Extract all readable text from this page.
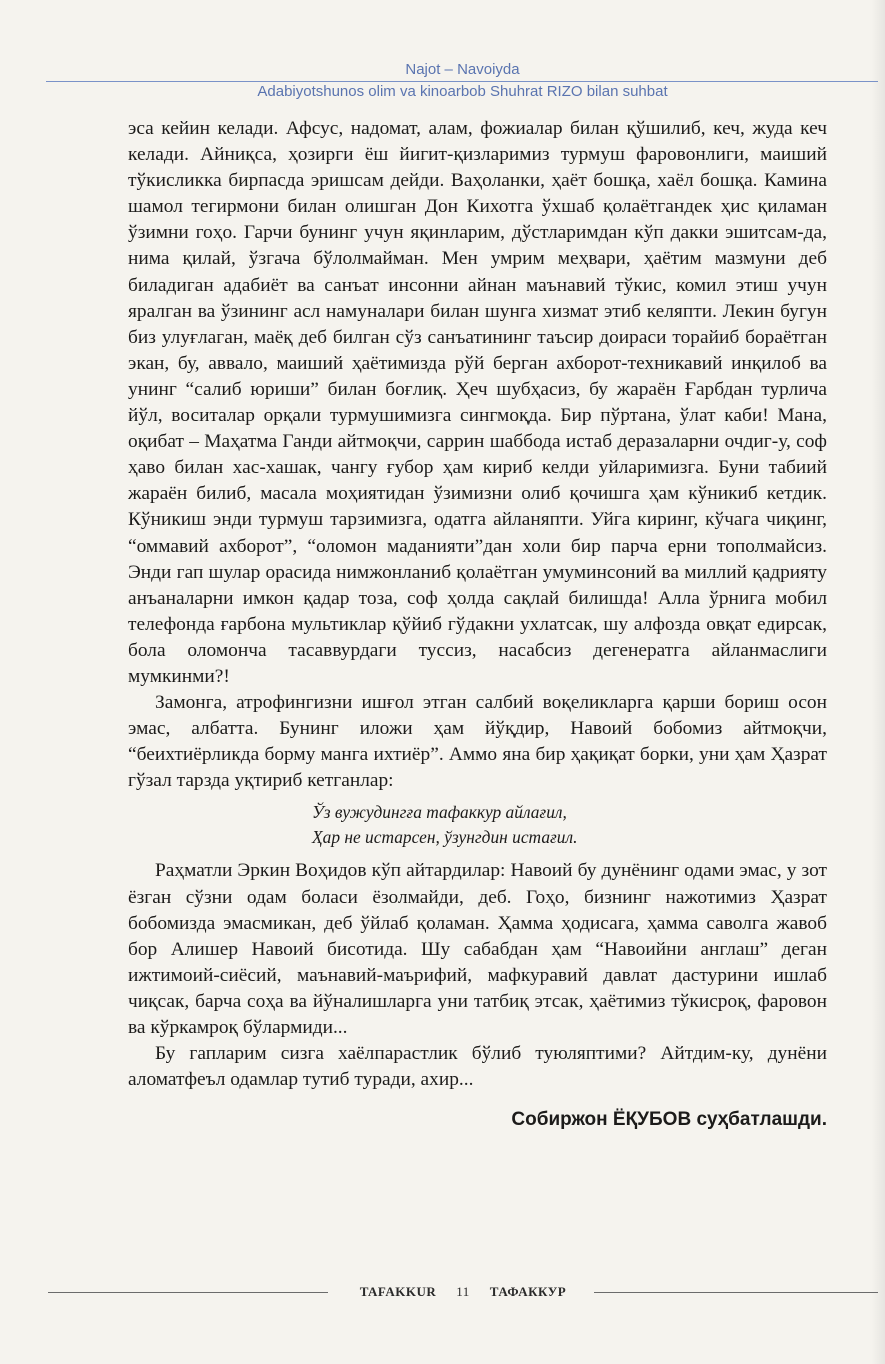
Najot – Navoiyda
Adabiyotshunos olim va kinoarbob Shuhrat RIZO bilan suhbat

эса кейин келади. Афсус, надомат, алам, фожиалар билан қўшилиб, кеч, жуда кеч келади. Айниқса, ҳозирги ёш йигит-қизларимиз турмуш фаровонлиги, маиший тўкисликка бирпасда эришсам дейди. Ваҳоланки, ҳаёт бошқа, хаёл бошқа. Камина шамол тегирмони билан олишган Дон Кихотга ўхшаб қолаётгандек ҳис қиламан ўзимни гоҳо. Гарчи бунинг учун яқинларим, дўстларимдан кўп дакки эшитсам-да, нима қилай, ўзгача бўлолмайман. Мен умрим меҳвари, ҳаётим мазмуни деб биладиган адабиёт ва санъат инсонни айнан маънавий тўкис, комил этиш учун яралган ва ўзининг асл намуналари билан шунга хизмат этиб келяпти. Лекин бугун биз улуғлаган, маёқ деб билган сўз санъатининг таъсир доираси торайиб бораётган экан, бу, аввало, маиший ҳаётимизда рўй берган ахборот-техникавий инқилоб ва унинг “салиб юриши” билан боғлиқ. Ҳеч шубҳасиз, бу жараён Ғарбдан турлича йўл, воситалар орқали турмушимизга сингмоқда. Бир пўртана, ўлат каби! Мана, оқибат – Маҳатма Ганди айтмоқчи, саррин шаббода истаб деразаларни очдиг-у, соф ҳаво билан хас-хашак, чангу ғубор ҳам кириб келди уйларимизга. Буни табиий жараён билиб, масала моҳиятидан ўзимизни олиб қочишга ҳам кўникиб кетдик. Кўникиш энди турмуш тарзимизга, одатга айланяпти. Уйга киринг, кўчага чиқинг, “оммавий ахборот”, “оломон маданияти”дан холи бир парча ерни тополмайсиз. Энди гап шулар орасида нимжонланиб қолаётган умуминсоний ва миллий қадрияту анъаналарни имкон қадар тоза, соф ҳолда сақлай билишда! Алла ўрнига мобил телефонда ғарбона мультиклар қўйиб гўдакни ухлатсак, шу алфозда овқат едирсак, бола оломонча тасаввурдаги туссиз, насабсиз дегенератга айланмаслиги мумкинми?!

Замонга, атрофингизни ишғол этган салбий воқеликларга қарши бориш осон эмас, албатта. Бунинг иложи ҳам йўқдир, Навоий бобомиз айтмоқчи, “беихтиёрликда борму манга ихтиёр”. Аммо яна бир ҳақиқат борки, уни ҳам Ҳазрат гўзал тарзда уқтириб кетганлар:

Ўз вужудингға тафаккур айлағил,
Ҳар не истарсен, ўзунгдин истағил.

Раҳматли Эркин Воҳидов кўп айтардилар: Навоий бу дунёнинг одами эмас, у зот ёзган сўзни одам боласи ёзолмайди, деб. Гоҳо, бизнинг нажотимиз Ҳазрат бобомизда эмасмикан, деб ўйлаб қоламан. Ҳамма ҳодисага, ҳамма саволга жавоб бор Алишер Навоий бисотида. Шу сабабдан ҳам “Навоийни англаш” деган ижтимоий-сиёсий, маънавий-маърифий, мафкуравий давлат дастурини ишлаб чиқсак, барча соҳа ва йўналишларга уни татбиқ этсак, ҳаётимиз тўкисроқ, фаровон ва кўркамроқ бўлармиди...

Бу гапларим сизга хаёлпарастлик бўлиб туюляптими? Айтдим-ку, дунёни аломатфеъл одамлар тутиб туради, ахир...

Собиржон ЁҚУБОВ суҳбатлашди.
TAFAKKUR 11 ТАФАККУР
